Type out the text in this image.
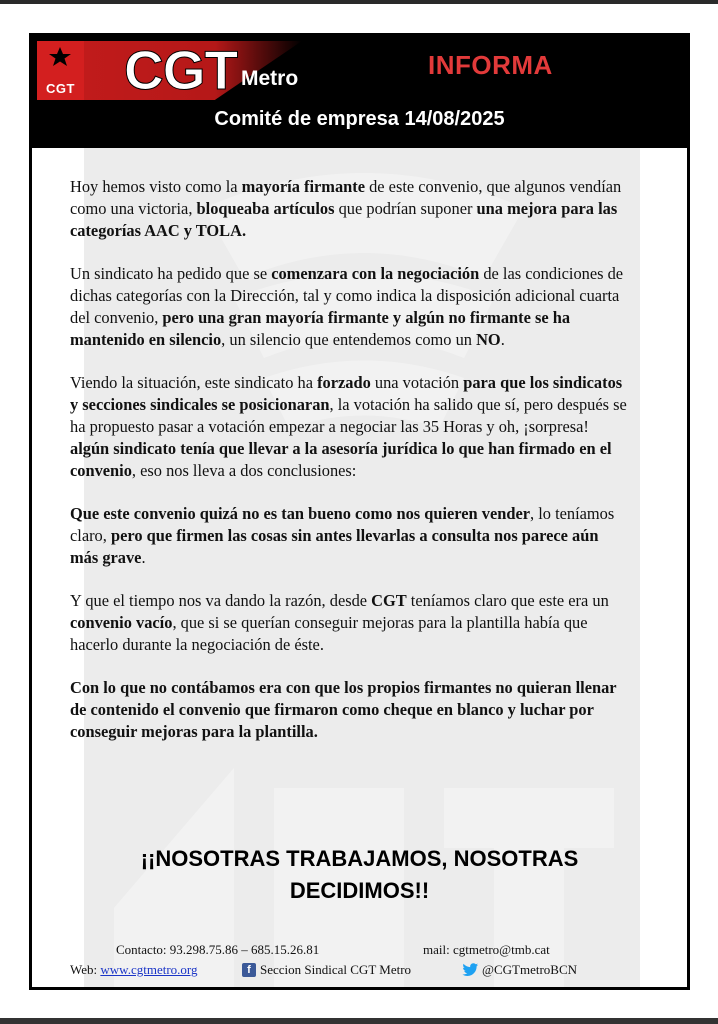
CGT CGT Metro	INFORMA
Comité de empresa 14/08/2025

Hoy hemos visto como la mayoría firmante de este convenio, que algunos vendían como una victoria, bloqueaba artículos que podrían suponer una mejora para las categorías AAC y TOLA.

Un sindicato ha pedido que se comenzara con la negociación de las condiciones de dichas categorías con la Dirección, tal y como indica la disposición adicional cuarta del convenio, pero una gran mayoría firmante y algún no firmante se ha mantenido en silencio, un silencio que entendemos como un NO.

Viendo la situación, este sindicato ha forzado una votación para que los sindicatos y secciones sindicales se posicionaran, la votación ha salido que sí, pero después se ha propuesto pasar a votación empezar a negociar las 35 Horas y oh, ¡sorpresa! algún sindicato tenía que llevar a la asesoría jurídica lo que han firmado en el convenio, eso nos lleva a dos conclusiones:

Que este convenio quizá no es tan bueno como nos quieren vender, lo teníamos claro, pero que firmen las cosas sin antes llevarlas a consulta nos parece aún más grave.

Y que el tiempo nos va dando la razón, desde CGT teníamos claro que este era un convenio vacío, que si se querían conseguir mejoras para la plantilla había que hacerlo durante la negociación de éste.

Con lo que no contábamos era con que los propios firmantes no quieran llenar de contenido el convenio que firmaron como cheque en blanco y luchar por conseguir mejoras para la plantilla.

¡¡NOSOTRAS TRABAJAMOS, NOSOTRAS
DECIDIMOS!!
Contacto: 93.298.75.86 – 685.15.26.81	mail: cgtmetro@tmb.cat
Web: www.cgtmetro.org	f Seccion Sindical CGT Metro	@CGTmetroBCN
